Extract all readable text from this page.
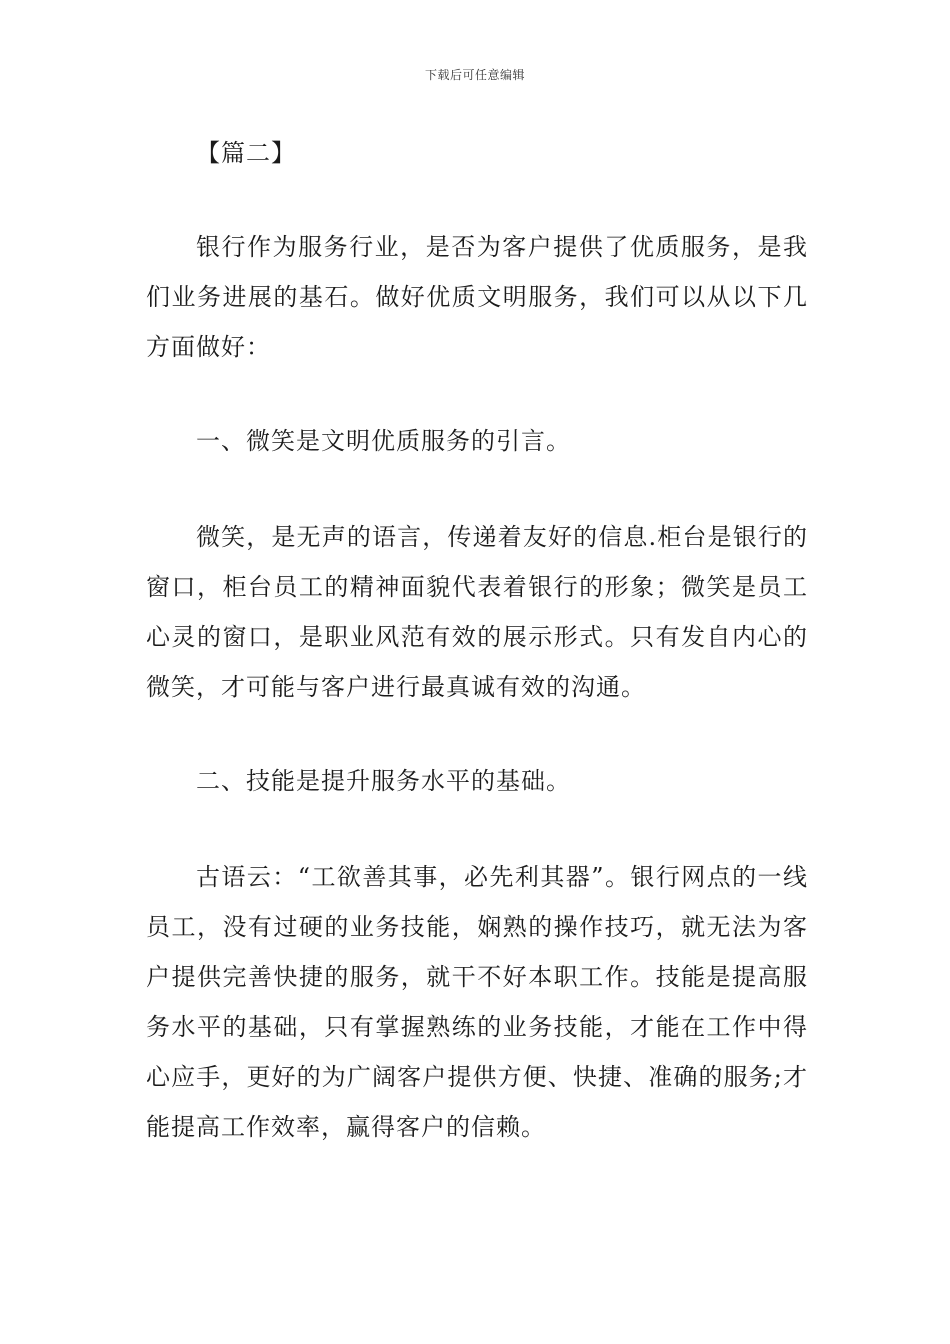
下载后可任意编辑

【篇二】

银行作为服务行业，是否为客户提供了优质服务，是我们业务进展的基石。做好优质文明服务，我们可以从以下几方面做好：

一、微笑是文明优质服务的引言。

微笑，是无声的语言，传递着友好的信息.柜台是银行的窗口，柜台员工的精神面貌代表着银行的形象；微笑是员工心灵的窗口，是职业风范有效的展示形式。只有发自内心的微笑，才可能与客户进行最真诚有效的沟通。

二、技能是提升服务水平的基础。

古语云：“工欲善其事，必先利其器”。银行网点的一线员工，没有过硬的业务技能，娴熟的操作技巧，就无法为客户提供完善快捷的服务，就干不好本职工作。技能是提高服务水平的基础，只有掌握熟练的业务技能，才能在工作中得心应手，更好的为广阔客户提供方便、快捷、准确的服务;才能提高工作效率，赢得客户的信赖。
